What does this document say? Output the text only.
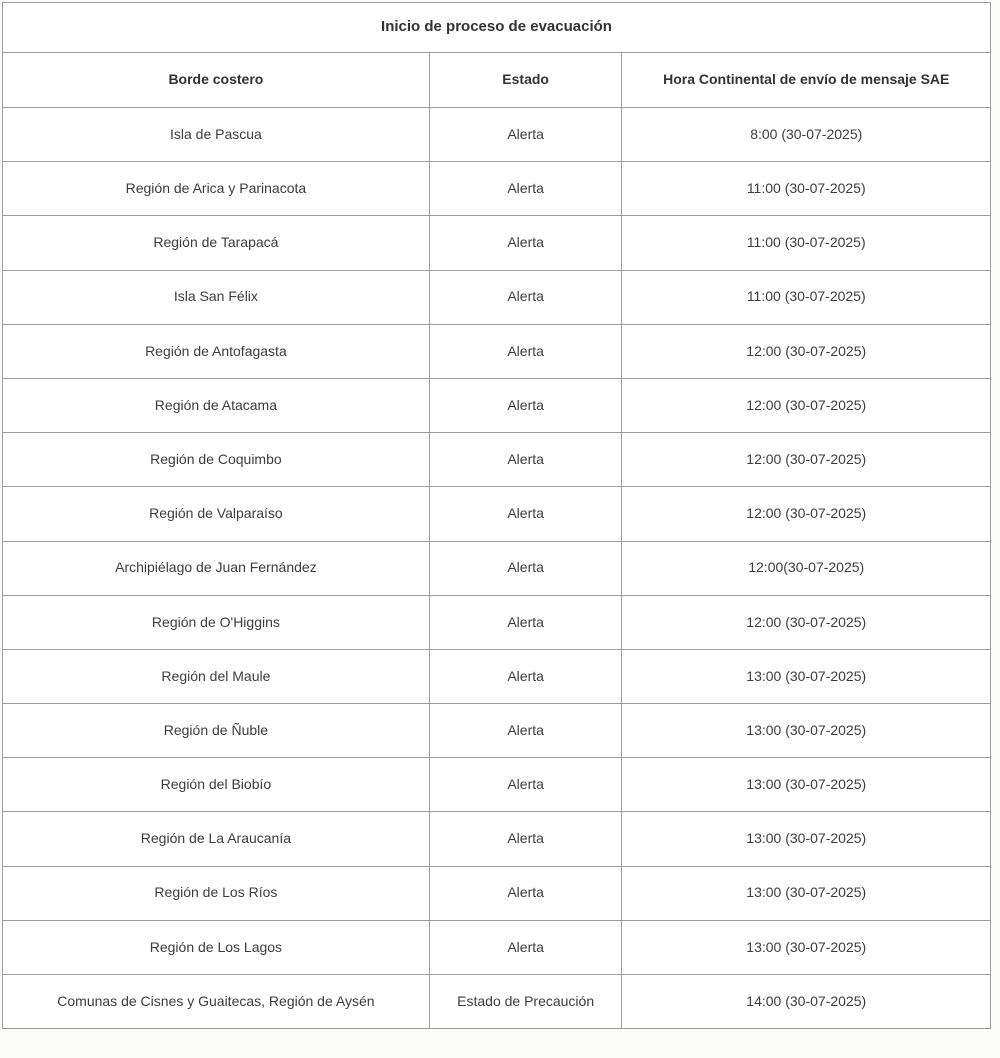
Inicio de proceso de evacuación		
Borde costero	Estado	Hora Continental de envío de mensaje SAE
Isla de Pascua	Alerta	8:00 (30-07-2025)
Región de Arica y Parinacota	Alerta	11:00 (30-07-2025)
Región de Tarapacá	Alerta	11:00 (30-07-2025)
Isla San Félix	Alerta	11:00 (30-07-2025)
Región de Antofagasta	Alerta	12:00 (30-07-2025)
Región de Atacama	Alerta	12:00 (30-07-2025)
Región de Coquimbo	Alerta	12:00 (30-07-2025)
Región de Valparaíso	Alerta	12:00 (30-07-2025)
Archipiélago de Juan Fernández	Alerta	12:00(30-07-2025)
Región de O'Higgins	Alerta	12:00 (30-07-2025)
Región del Maule	Alerta	13:00 (30-07-2025)
Región de Ñuble	Alerta	13:00 (30-07-2025)
Región del Biobío	Alerta	13:00 (30-07-2025)
Región de La Araucanía	Alerta	13:00 (30-07-2025)
Región de Los Ríos	Alerta	13:00 (30-07-2025)
Región de Los Lagos	Alerta	13:00 (30-07-2025)
Comunas de Cisnes y Guaitecas, Región de Aysén	Estado de Precaución	14:00 (30-07-2025)
